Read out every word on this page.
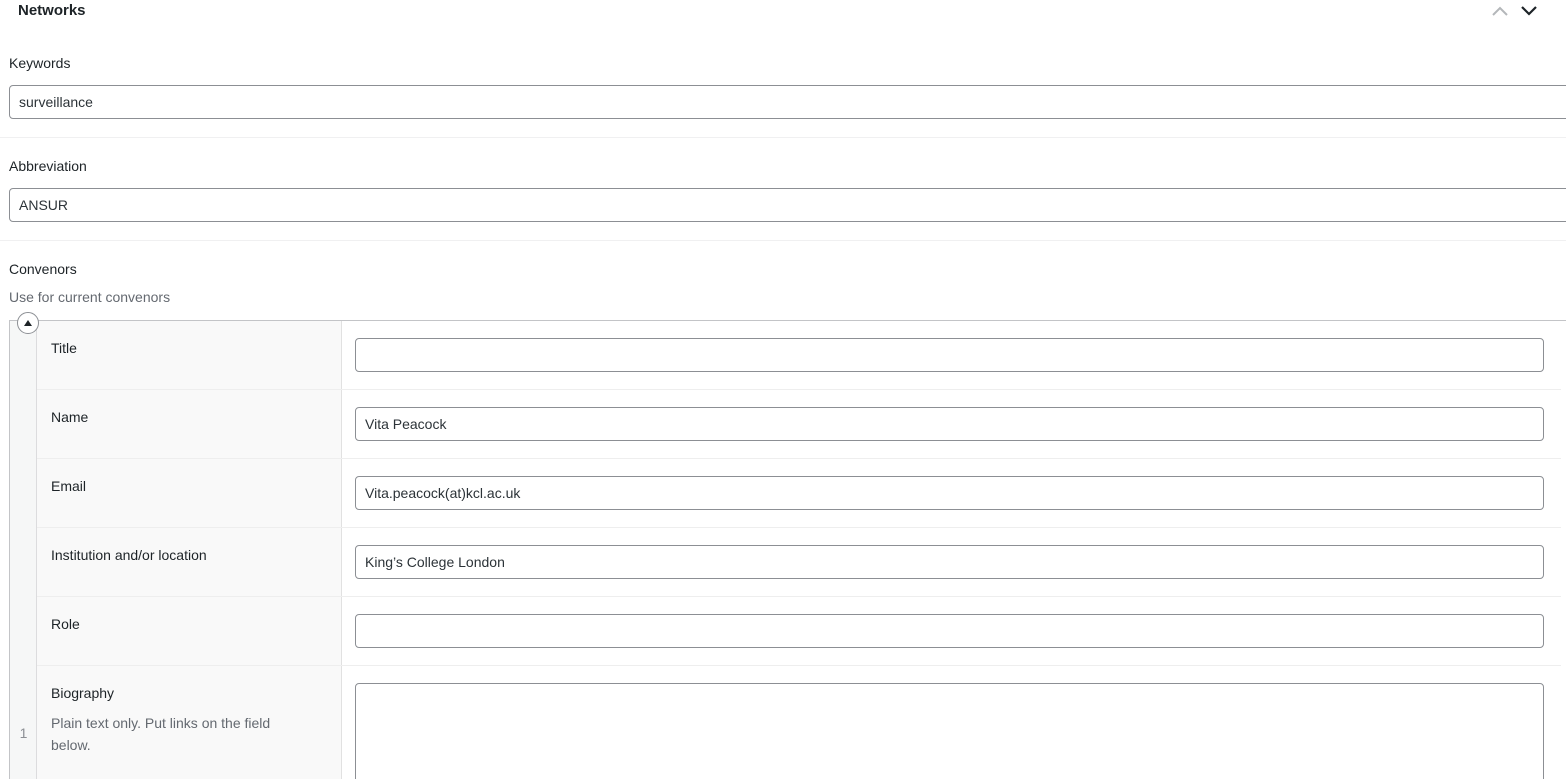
Networks
Keywords
surveillance
Abbreviation
ANSUR
Convenors
Use for current convenors
1
Title
Name
Vita Peacock
Email
Vita.peacock(at)kcl.ac.uk
Institution and/or location
King’s College London
Role
Biography
Plain text only. Put links on the field below.
